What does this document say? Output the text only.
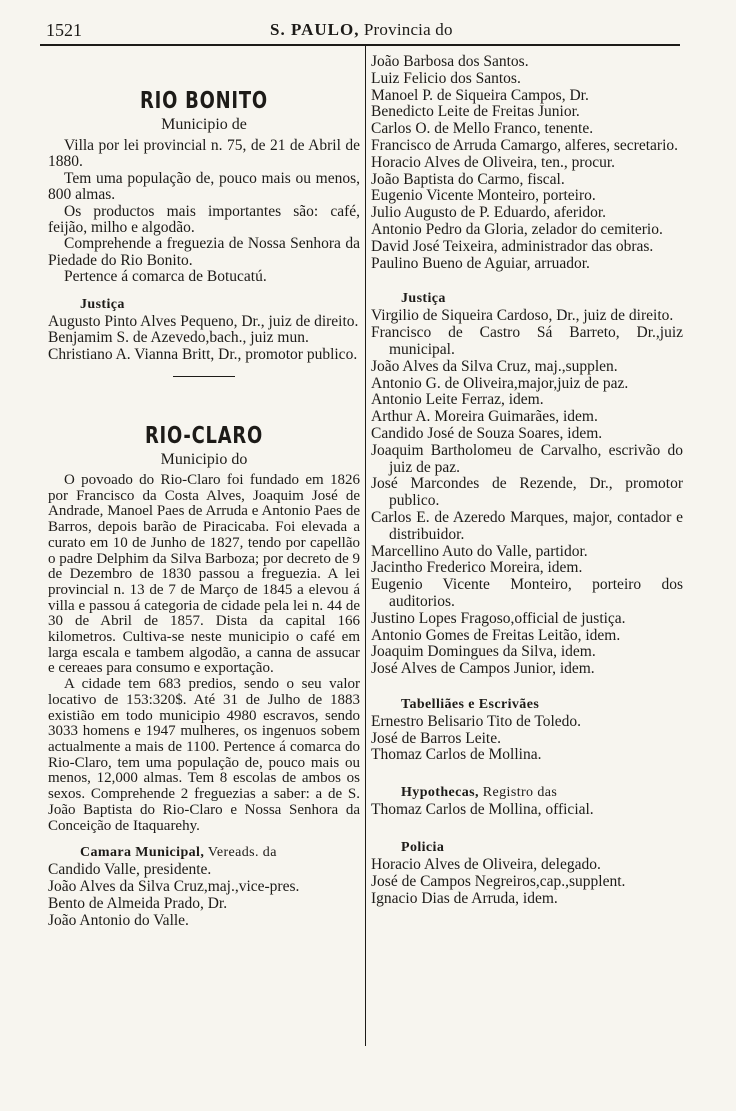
1521	S. PAULO, Provincia do
RIO BONITO
Municipio de

Villa por lei provincial n. 75, de 21 de Abril de 1880.

Tem uma população de, pouco mais ou menos, 800 almas.

Os productos mais importantes são: café, feijão, milho e algodão.

Comprehende a freguezia de Nossa Senhora da Piedade do Rio Bonito.

Pertence á comarca de Botucatú.

Justiça

Augusto Pinto Alves Pequeno, Dr., juiz de direito.

Benjamim S. de Azevedo,bach., juiz mun.

Christiano A. Vianna Britt, Dr., promotor publico.

RIO-CLARO
Municipio do

O povoado do Rio-Claro foi fundado em 1826 por Francisco da Costa Alves, Joaquim José de Andrade, Manoel Paes de Arruda e Antonio Paes de Barros, depois barão de Piracicaba. Foi elevada a curato em 10 de Junho de 1827, tendo por capellão o padre Delphim da Silva Barboza; por decreto de 9 de Dezembro de 1830 passou a freguezia. A lei provincial n. 13 de 7 de Março de 1845 a elevou á villa e passou á categoria de cidade pela lei n. 44 de 30 de Abril de 1857. Dista da capital 166 kilometros. Cultiva-se neste municipio o café em larga escala e tambem algodão, a canna de assucar e cereaes para consumo e exportação.

A cidade tem 683 predios, sendo o seu valor locativo de 153:320$. Até 31 de Julho de 1883 existião em todo municipio 4980 escravos, sendo 3033 homens e 1947 mulheres, os ingenuos sobem actualmente a mais de 1100. Pertence á comarca do Rio-Claro, tem uma população de, pouco mais ou menos, 12,000 almas. Tem 8 escolas de ambos os sexos. Comprehende 2 freguezias a saber: a de S. João Baptista do Rio-Claro e Nossa Senhora da Conceição de Itaquarehy.

Camara Municipal, Vereads. da

Candido Valle, presidente.

João Alves da Silva Cruz,maj.,vice-pres.

Bento de Almeida Prado, Dr.

João Antonio do Valle.

João Barbosa dos Santos.

Luiz Felicio dos Santos.

Manoel P. de Siqueira Campos, Dr.

Benedicto Leite de Freitas Junior.

Carlos O. de Mello Franco, tenente.

Francisco de Arruda Camargo, alferes, secretario.

Horacio Alves de Oliveira, ten., procur.

João Baptista do Carmo, fiscal.

Eugenio Vicente Monteiro, porteiro.

Julio Augusto de P. Eduardo, aferidor.

Antonio Pedro da Gloria, zelador do cemiterio.

David José Teixeira, administrador das obras.

Paulino Bueno de Aguiar, arruador.

Justiça

Virgilio de Siqueira Cardoso, Dr., juiz de direito.

Francisco de Castro Sá Barreto, Dr.,juiz municipal.

João Alves da Silva Cruz, maj.,supplen.

Antonio G. de Oliveira,major,juiz de paz.

Antonio Leite Ferraz, idem.

Arthur A. Moreira Guimarães, idem.

Candido José de Souza Soares, idem.

Joaquim Bartholomeu de Carvalho, escrivão do juiz de paz.

José Marcondes de Rezende, Dr., promotor publico.

Carlos E. de Azeredo Marques, major, contador e distribuidor.

Marcellino Auto do Valle, partidor.

Jacintho Frederico Moreira, idem.

Eugenio Vicente Monteiro, porteiro dos auditorios.

Justino Lopes Fragoso,official de justiça.

Antonio Gomes de Freitas Leitão, idem.

Joaquim Domingues da Silva, idem.

José Alves de Campos Junior, idem.

Tabelliães e Escrivães

Ernestro Belisario Tito de Toledo.

José de Barros Leite.

Thomaz Carlos de Mollina.

Hypothecas, Registro das

Thomaz Carlos de Mollina, official.

Policia

Horacio Alves de Oliveira, delegado.

José de Campos Negreiros,cap.,supplent.

Ignacio Dias de Arruda, idem.
